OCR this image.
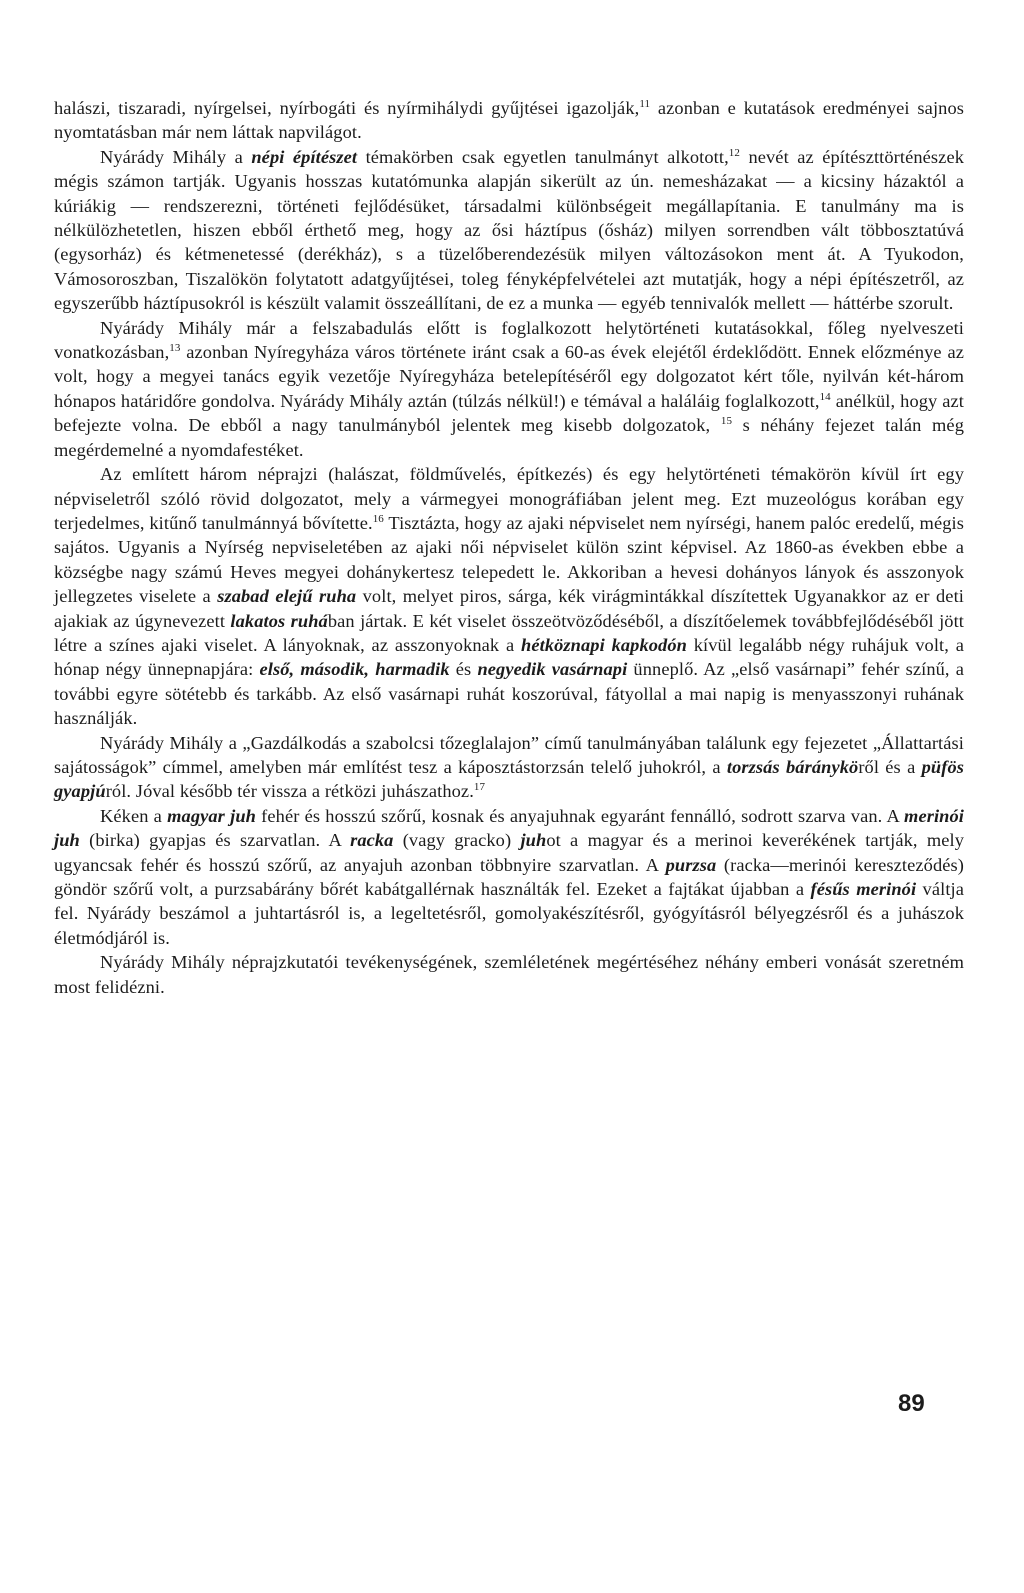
halászi, tiszaradi, nyírgelsei, nyírbogáti és nyírmihálydi gyűjtései igazolják,$^{11}$ azonban e kutatások eredményei sajnos nyomtatásban már nem láttak napvilágot.

Nyárády Mihály a népi építészet témakörben csak egyetlen tanulmányt alkotott,$^{12}$ nevét az építészttörténészek mégis számon tartják. Ugyanis hosszas kutatómunka alapján sikerült az ún. nemesházakat — a kicsiny házaktól a kúriákig — rendszerezni, történeti fejlődésüket, társadalmi különbségeit megállapítania. E tanulmány ma is nélkülözhetetlen, hiszen ebből érthető meg, hogy az ősi háztípus (ősház) milyen sorrendben vált többosztatúvá (egysorház) és kétmenetessé (derékház), s a tüzelőberendezésük milyen változásokon ment át. A Tyukodon, Vámosoroszban, Tiszalökön folytatott adatgyűjtései, toleg fényképfelvételei azt mutatják, hogy a népi építészetről, az egyszerűbb háztípusokról is készült valamit összeállítani, de ez a munka — egyéb tennivalók mellett — háttérbe szorult.

Nyárády Mihály már a felszabadulás előtt is foglalkozott helytörténeti kutatásokkal, főleg nyelveszeti vonatkozásban,$^{13}$ azonban Nyíregyháza város története iránt csak a 60-as évek elejétől érdeklődött. Ennek előzménye az volt, hogy a megyei tanács egyik vezetője Nyíregyháza betelepítéséről egy dolgozatot kért tőle, nyilván két-három hónapos határidőre gondolva. Nyárády Mihály aztán (túlzás nélkül!) e témával a haláláig foglalkozott,$^{14}$ anélkül, hogy azt befejezte volna. De ebből a nagy tanulmányból jelentek meg kisebb dolgozatok, $^{15}$ s néhány fejezet talán még megérdemelné a nyomdafestéket.

Az említett három néprajzi (halászat, földművelés, építkezés) és egy helytörténeti témakörön kívül írt egy népviseletről szóló rövid dolgozatot, mely a vármegyei monográfiában jelent meg. Ezt muzeológus korában egy terjedelmes, kitűnő tanulmánnyá bővítette.$^{16}$ Tisztázta, hogy az ajaki népviselet nem nyírségi, hanem palóc eredelű, mégis sajátos. Ugyanis a Nyírség nepviseletében az ajaki női népviselet külön szint képvisel. Az 1860-as években ebbe a községbe nagy számú Heves megyei dohánykertesz telepedett le. Akkoriban a hevesi dohányos lányok és asszonyok jellegzetes viselete a szabad elejű ruha volt, melyet piros, sárga, kék virágmintákkal díszítettek Ugyanakkor az er deti ajakiak az úgynevezett lakatos ruhában jártak. E két viselet összeötvöződéséből, a díszítőelemek továbbfejlődéséből jött létre a színes ajaki viselet. A lányoknak, az asszonyoknak a hétköznapi kapkodón kívül legalább négy ruhájuk volt, a hónap négy ünnepnapjára: első, második, harmadik és negyedik vasárnapi ünneplő. Az „első vasárnapi” fehér színű, a további egyre sötétebb és tarkább. Az első vasárnapi ruhát koszorúval, fátyollal a mai napig is menyasszonyi ruhának használják.

Nyárády Mihály a „Gazdálkodás a szabolcsi tőzeglalajon” című tanulmányában találunk egy fejezetet „Állattartási sajátosságok” címmel, amelyben már említést tesz a káposztástorzsán telelő juhokról, a torzsás bárányköről és a püfös gyapjúról. Jóval később tér vissza a rétközi juhászathoz.$^{17}$

Kéken a magyar juh fehér és hosszú szőrű, kosnak és anyajuhnak egyaránt fennálló, sodrott szarva van. A merinói juh (birka) gyapjas és szarvatlan. A racka (vagy gracko) juhot a magyar és a merinoi keverékének tartják, mely ugyancsak fehér és hosszú szőrű, az anyajuh azonban többnyire szarvatlan. A purzsa (racka—merinói kereszteződés) göndör szőrű volt, a purzsabárány bőrét kabátgallérnak használták fel. Ezeket a fajtákat újabban a fésűs merinói váltja fel. Nyárády beszámol a juhtartásról is, a legeltetésről, gomolyakészítésről, gyógyításról bélyegzésről és a juhászok életmódjáról is.

Nyárády Mihály néprajzkutatói tevékenységének, szemléletének megértéséhez néhány emberi vonását szeretném most felidézni.

89
